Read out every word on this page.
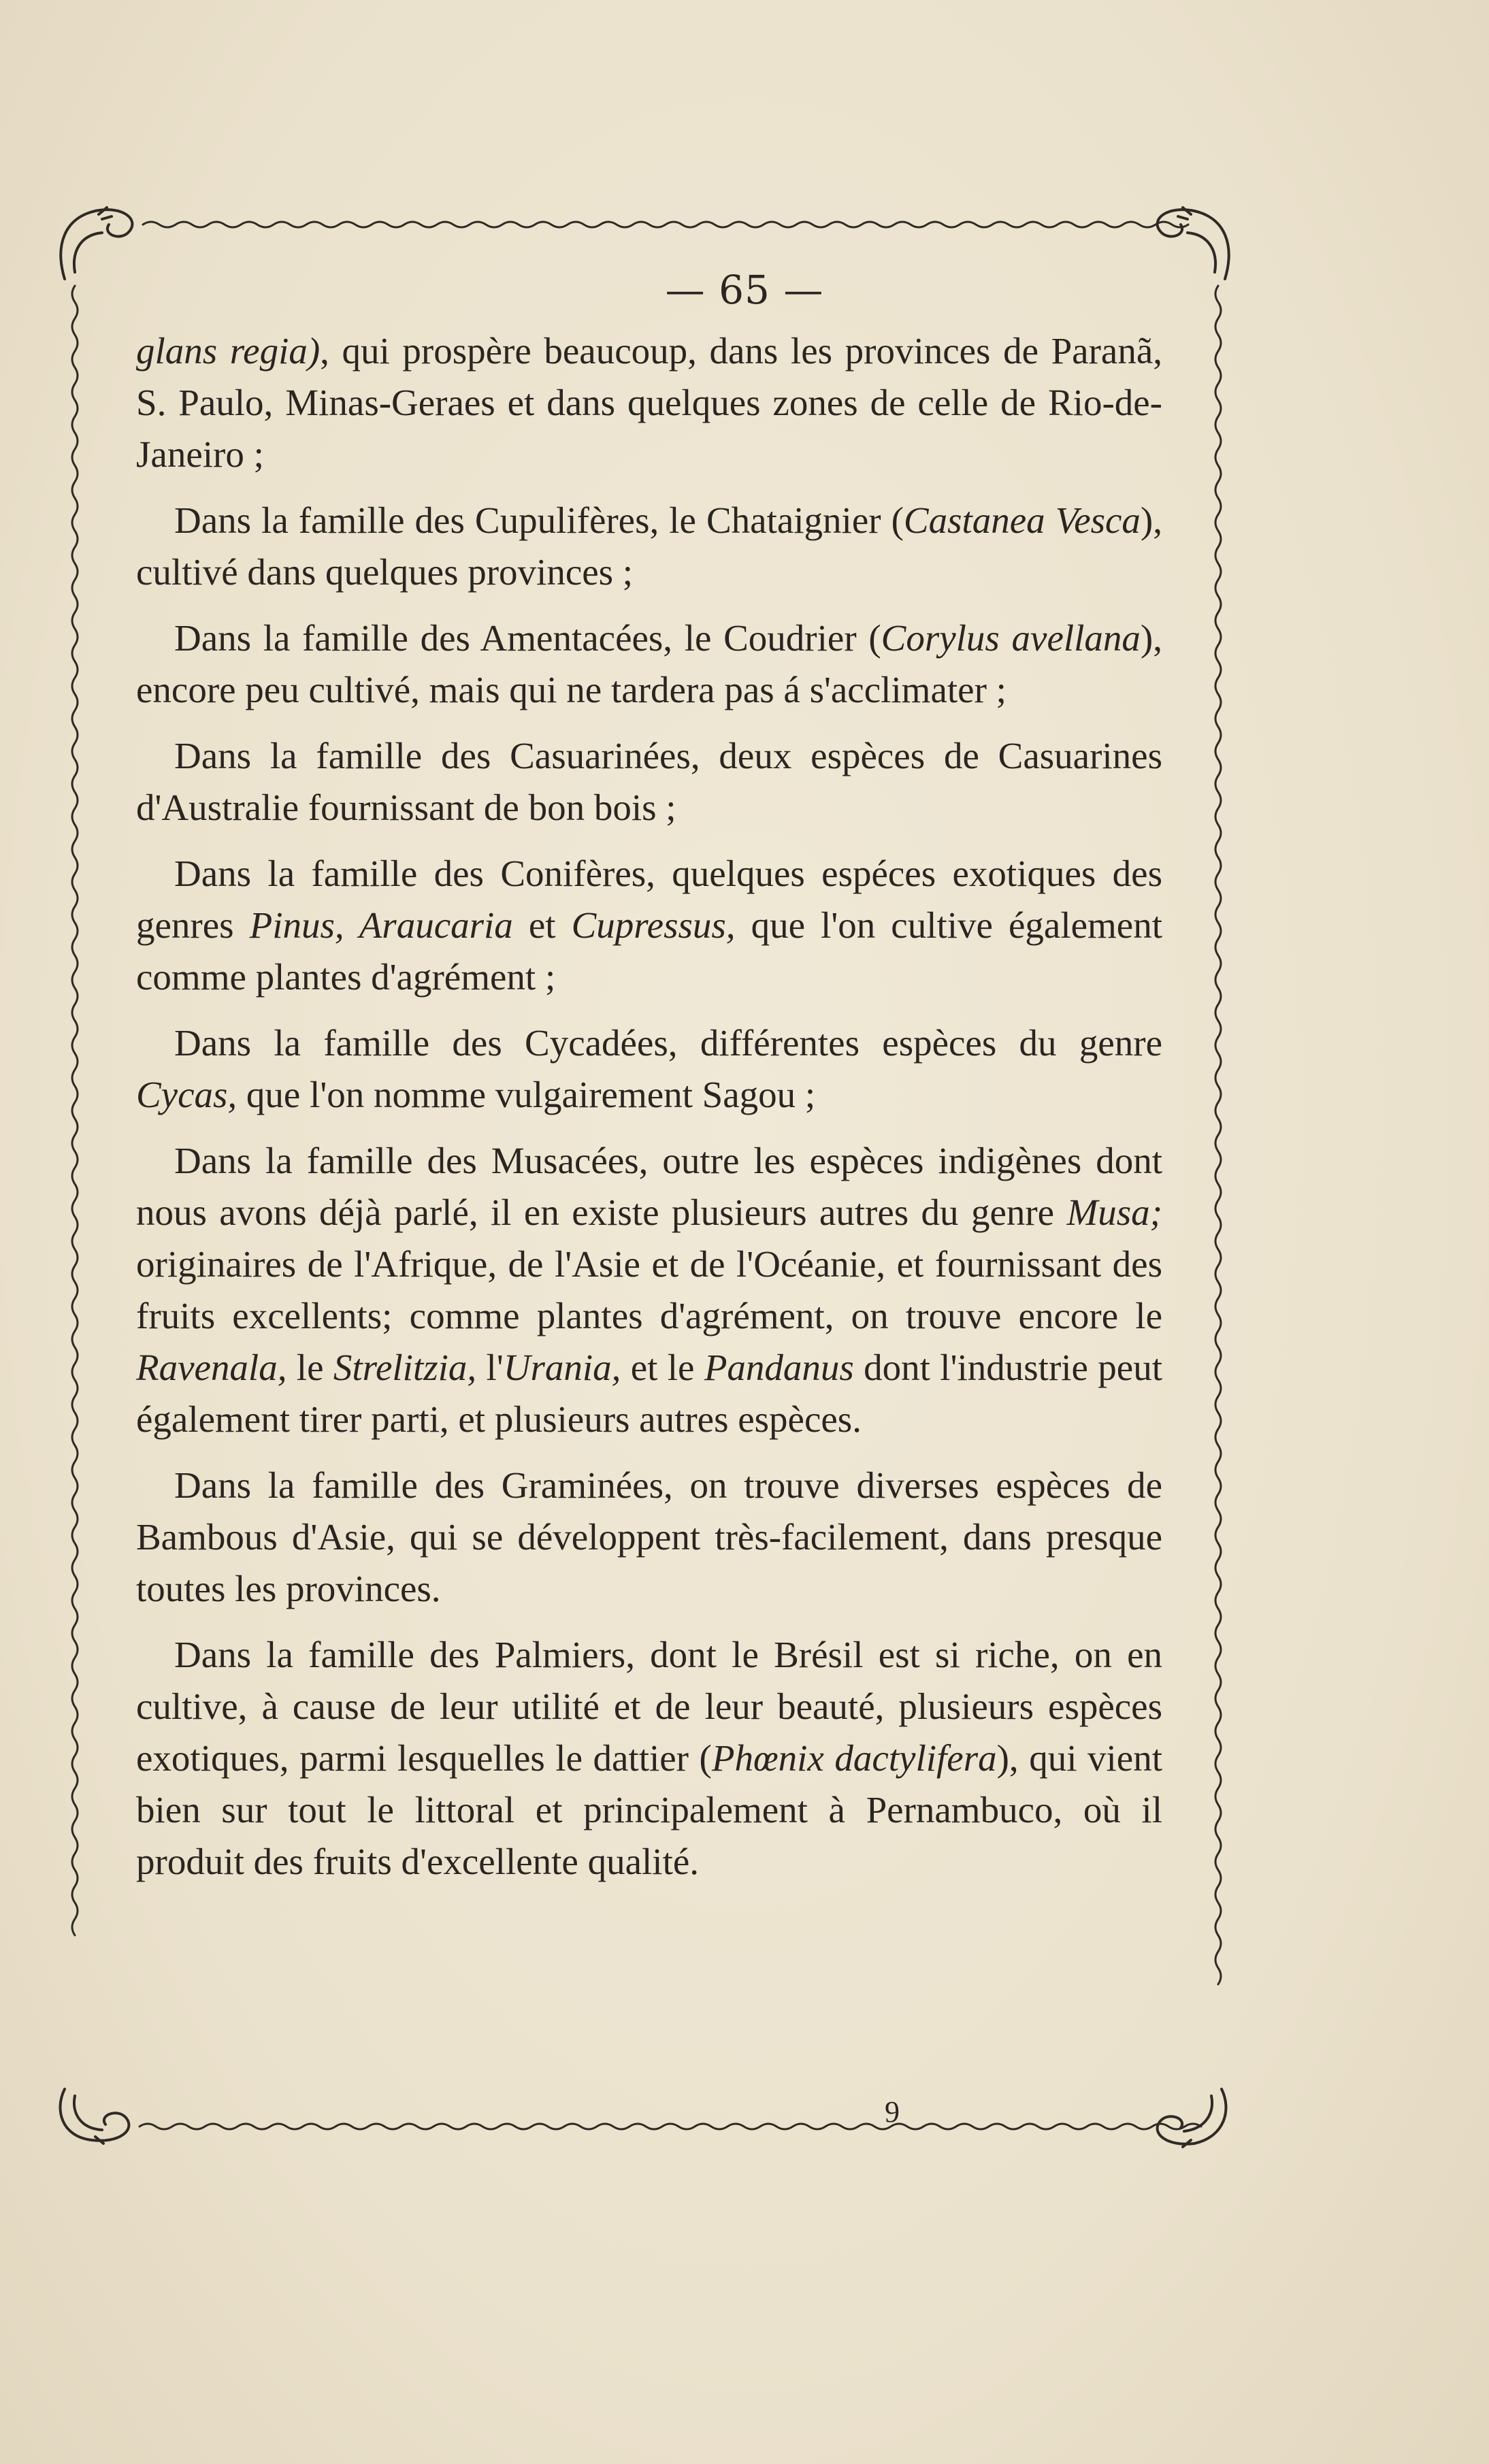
— 65 —

glans regia), qui prospère beaucoup, dans les provinces de Paranã, S. Paulo, Minas-Geraes et dans quelques zones de celle de Rio-de-Janeiro ;

Dans la famille des Cupulifères, le Chataignier (Castanea Vesca), cultivé dans quelques provinces ;

Dans la famille des Amentacées, le Coudrier (Corylus avellana), encore peu cultivé, mais qui ne tardera pas á s'acclimater ;

Dans la famille des Casuarinées, deux espèces de Casuarines d'Australie fournissant de bon bois ;

Dans la famille des Conifères, quelques espéces exotiques des genres Pinus, Araucaria et Cupressus, que l'on cultive également comme plantes d'agrément ;

Dans la famille des Cycadées, différentes espèces du genre Cycas, que l'on nomme vulgairement Sagou ;

Dans la famille des Musacées, outre les espèces indigènes dont nous avons déjà parlé, il en existe plusieurs autres du genre Musa; originaires de l'Afrique, de l'Asie et de l'Océanie, et fournissant des fruits excellents; comme plantes d'agrément, on trouve encore le Ravenala, le Strelitzia, l'Urania, et le Pandanus dont l'industrie peut également tirer parti, et plusieurs autres espèces.

Dans la famille des Graminées, on trouve diverses espèces de Bambous d'Asie, qui se développent très-facilement, dans presque toutes les provinces.

Dans la famille des Palmiers, dont le Brésil est si riche, on en cultive, à cause de leur utilité et de leur beauté, plusieurs espèces exotiques, parmi lesquelles le dattier (Phœnix dactylifera), qui vient bien sur tout le littoral et principalement à Pernambuco, où il produit des fruits d'excellente qualité.

9
